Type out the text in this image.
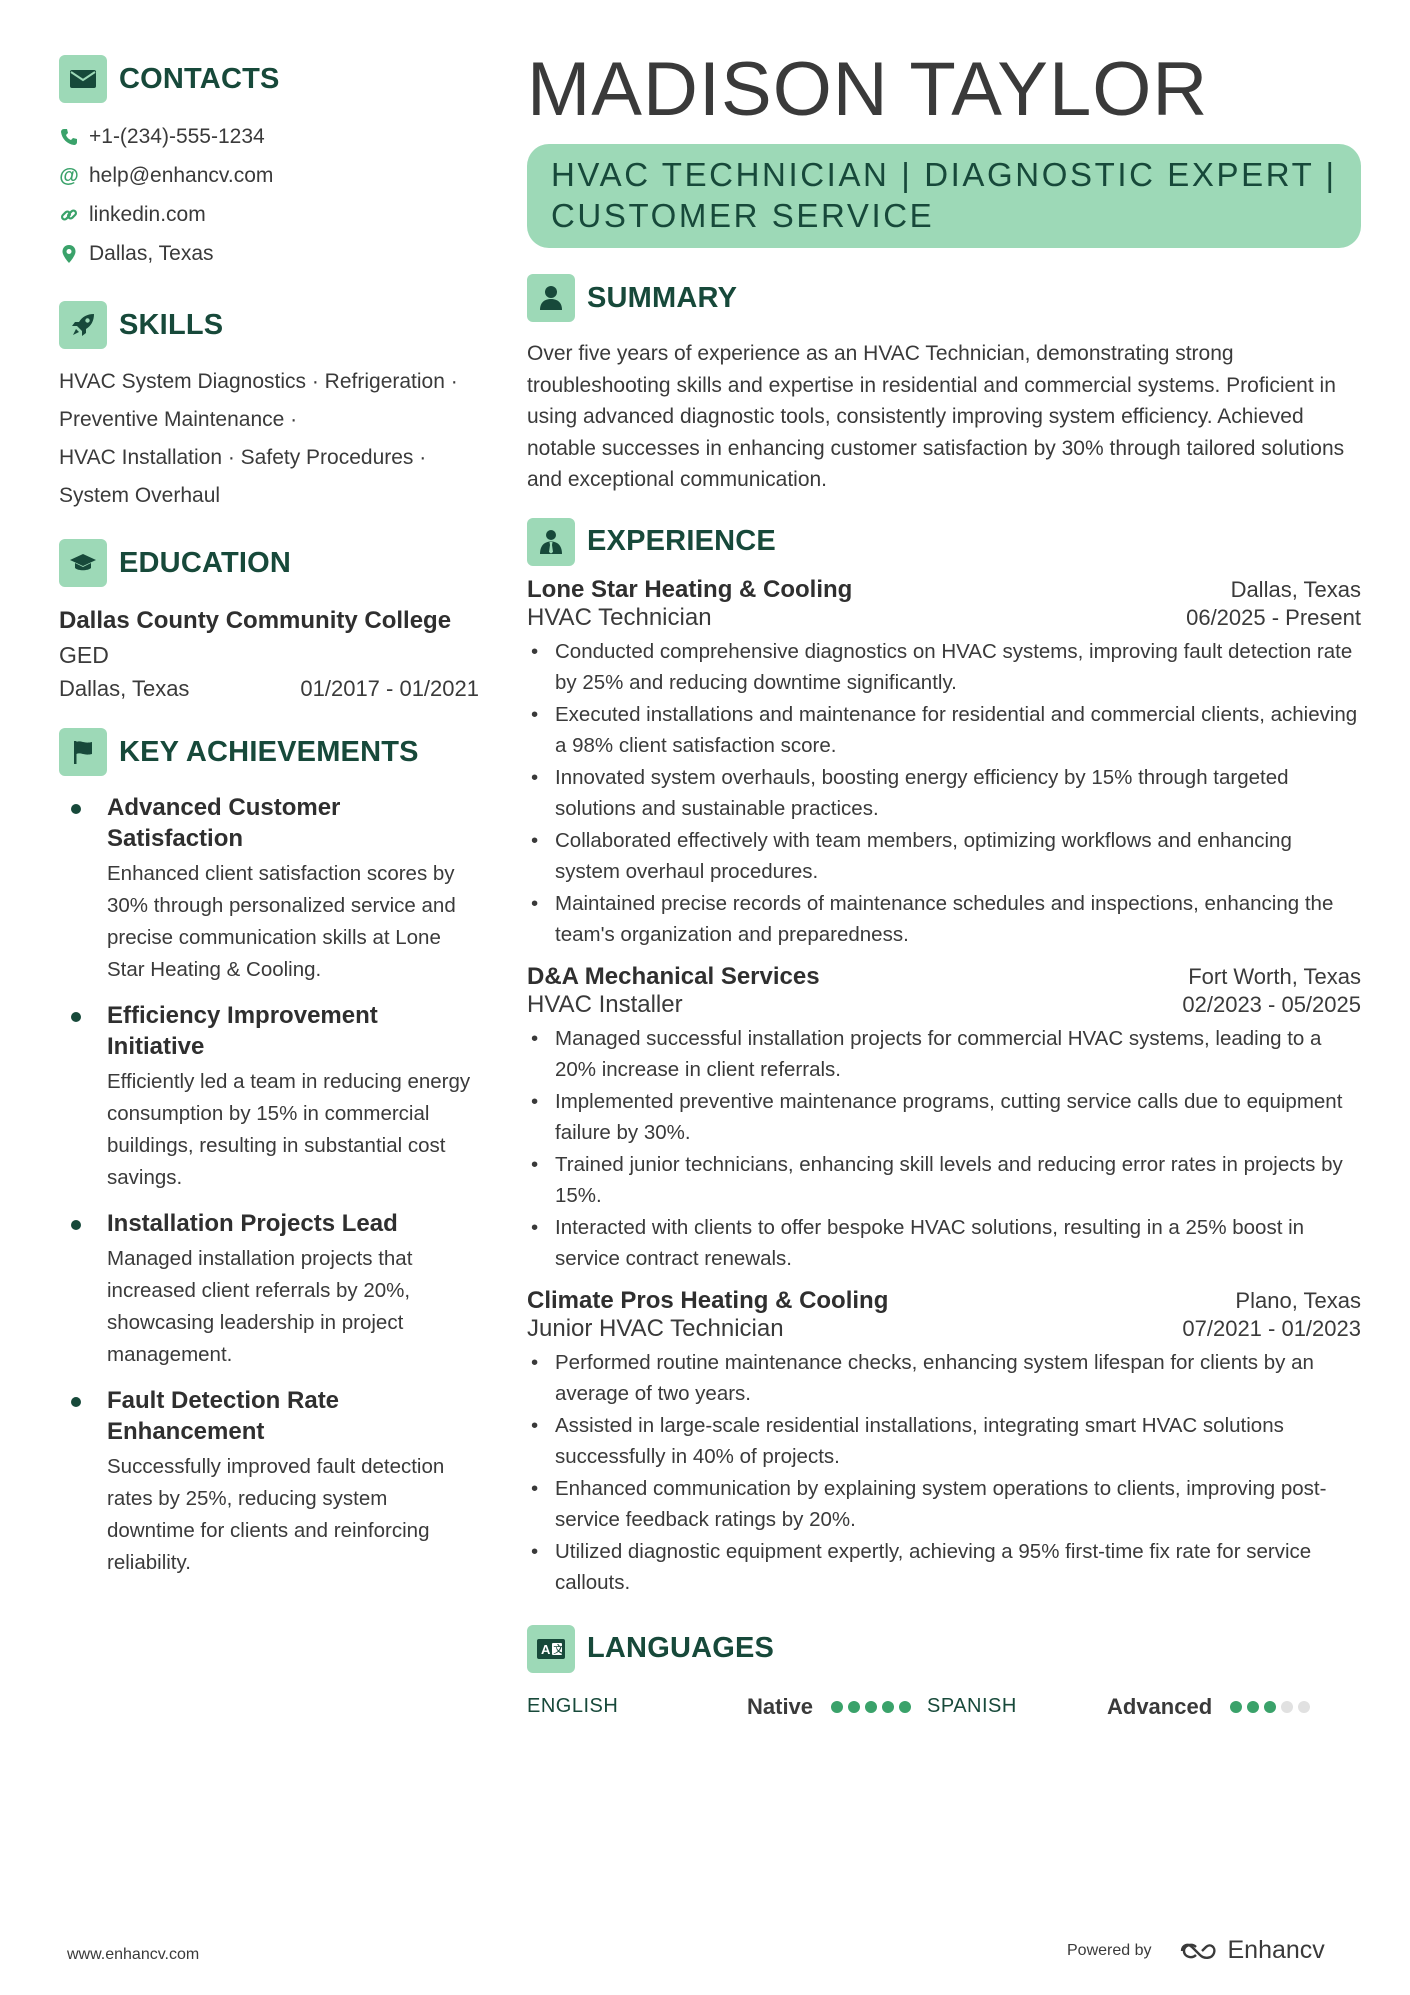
CONTACTS
+1-(234)-555-1234
@ help@enhancv.com
linkedin.com
Dallas, Texas
SKILLS
HVAC System Diagnostics · Refrigeration ·
Preventive Maintenance ·
HVAC Installation · Safety Procedures ·
System Overhaul
EDUCATION
Dallas County Community College
GED
Dallas, Texas	01/2017 - 01/2021
KEY ACHIEVEMENTS
Advanced Customer Satisfaction
Enhanced client satisfaction scores by 30% through personalized service and precise communication skills at Lone Star Heating & Cooling.
Efficiency Improvement Initiative
Efficiently led a team in reducing energy consumption by 15% in commercial buildings, resulting in substantial cost savings.
Installation Projects Lead
Managed installation projects that increased client referrals by 20%, showcasing leadership in project management.
Fault Detection Rate Enhancement
Successfully improved fault detection rates by 25%, reducing system downtime for clients and reinforcing reliability.
MADISON TAYLOR
HVAC TECHNICIAN | DIAGNOSTIC EXPERT | CUSTOMER SERVICE
SUMMARY
Over five years of experience as an HVAC Technician, demonstrating strong troubleshooting skills and expertise in residential and commercial systems. Proficient in using advanced diagnostic tools, consistently improving system efficiency. Achieved notable successes in enhancing customer satisfaction by 30% through tailored solutions and exceptional communication.
EXPERIENCE
Lone Star Heating & Cooling	Dallas, Texas
HVAC Technician	06/2025 - Present
• Conducted comprehensive diagnostics on HVAC systems, improving fault detection rate by 25% and reducing downtime significantly.
• Executed installations and maintenance for residential and commercial clients, achieving a 98% client satisfaction score.
• Innovated system overhauls, boosting energy efficiency by 15% through targeted solutions and sustainable practices.
• Collaborated effectively with team members, optimizing workflows and enhancing system overhaul procedures.
• Maintained precise records of maintenance schedules and inspections, enhancing the team's organization and preparedness.
D&A Mechanical Services	Fort Worth, Texas
HVAC Installer	02/2023 - 05/2025
• Managed successful installation projects for commercial HVAC systems, leading to a 20% increase in client referrals.
• Implemented preventive maintenance programs, cutting service calls due to equipment failure by 30%.
• Trained junior technicians, enhancing skill levels and reducing error rates in projects by 15%.
• Interacted with clients to offer bespoke HVAC solutions, resulting in a 25% boost in service contract renewals.
Climate Pros Heating & Cooling	Plano, Texas
Junior HVAC Technician	07/2021 - 01/2023
• Performed routine maintenance checks, enhancing system lifespan for clients by an average of two years.
• Assisted in large-scale residential installations, integrating smart HVAC solutions successfully in 40% of projects.
• Enhanced communication by explaining system operations to clients, improving post-service feedback ratings by 20%.
• Utilized diagnostic equipment expertly, achieving a 95% first-time fix rate for service callouts.
A 文 LANGUAGES
ENGLISH	Native	SPANISH	Advanced
www.enhancv.com	Powered by	Enhancv
